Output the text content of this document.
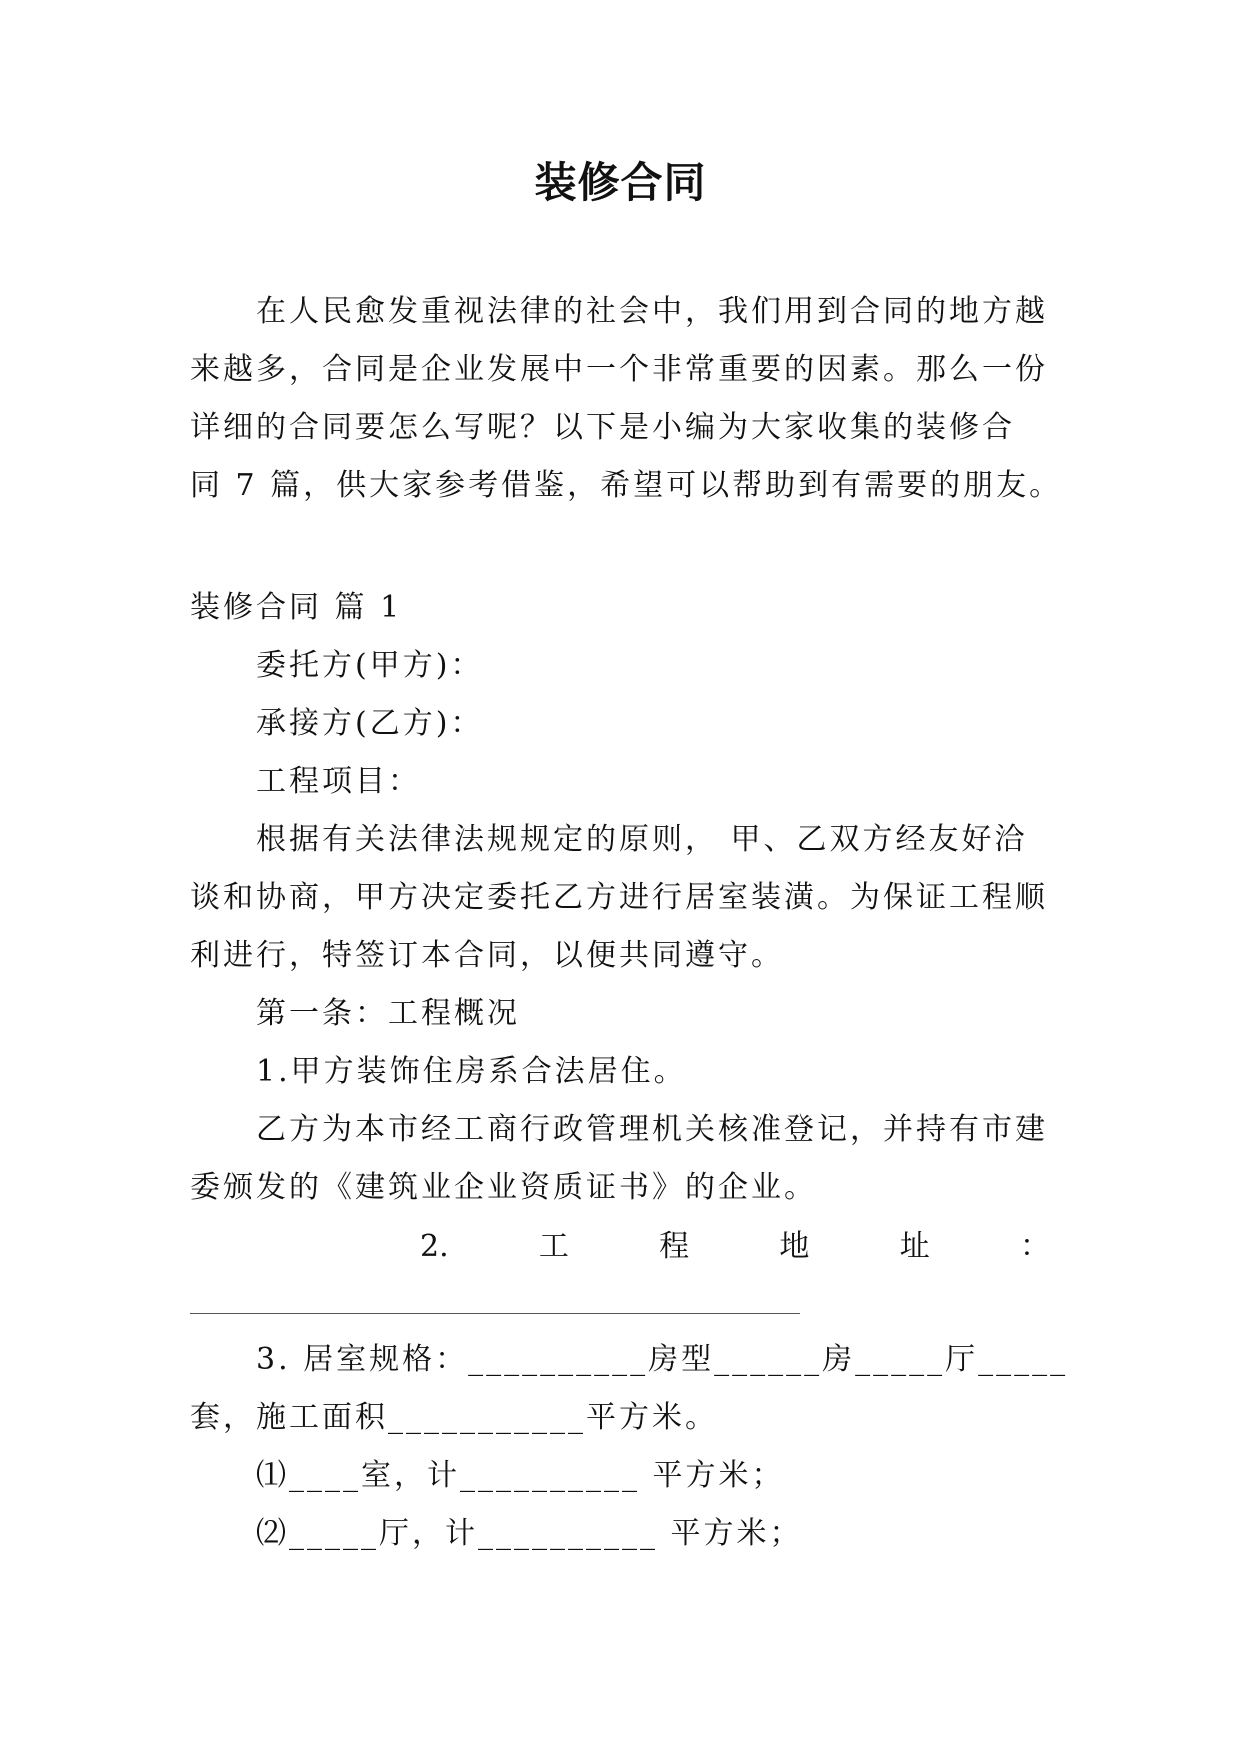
装修合同
在人民愈发重视法律的社会中，我们用到合同的地方越
来越多，合同是企业发展中一个非常重要的因素。那么一份
详细的合同要怎么写呢？以下是小编为大家收集的装修合
同 7 篇，供大家参考借鉴，希望可以帮助到有需要的朋友。
装修合同 篇 1
委托方(甲方)：
承接方(乙方)：
工程项目：
根据有关法律法规规定的原则， 甲、乙双方经友好洽
谈和协商，甲方决定委托乙方进行居室装潢。为保证工程顺
利进行，特签订本合同，以便共同遵守。
第一条：工程概况
1.甲方装饰住房系合法居住。
乙方为本市经工商行政管理机关核准登记，并持有市建
委颁发的《建筑业企业资质证书》的企业。
2.	工	程	地	址	：
3. 居室规格：__________房型______房_____厅_____
套，施工面积___________平方米。
⑴____室，计__________ 平方米；
⑵_____厅，计__________ 平方米；
